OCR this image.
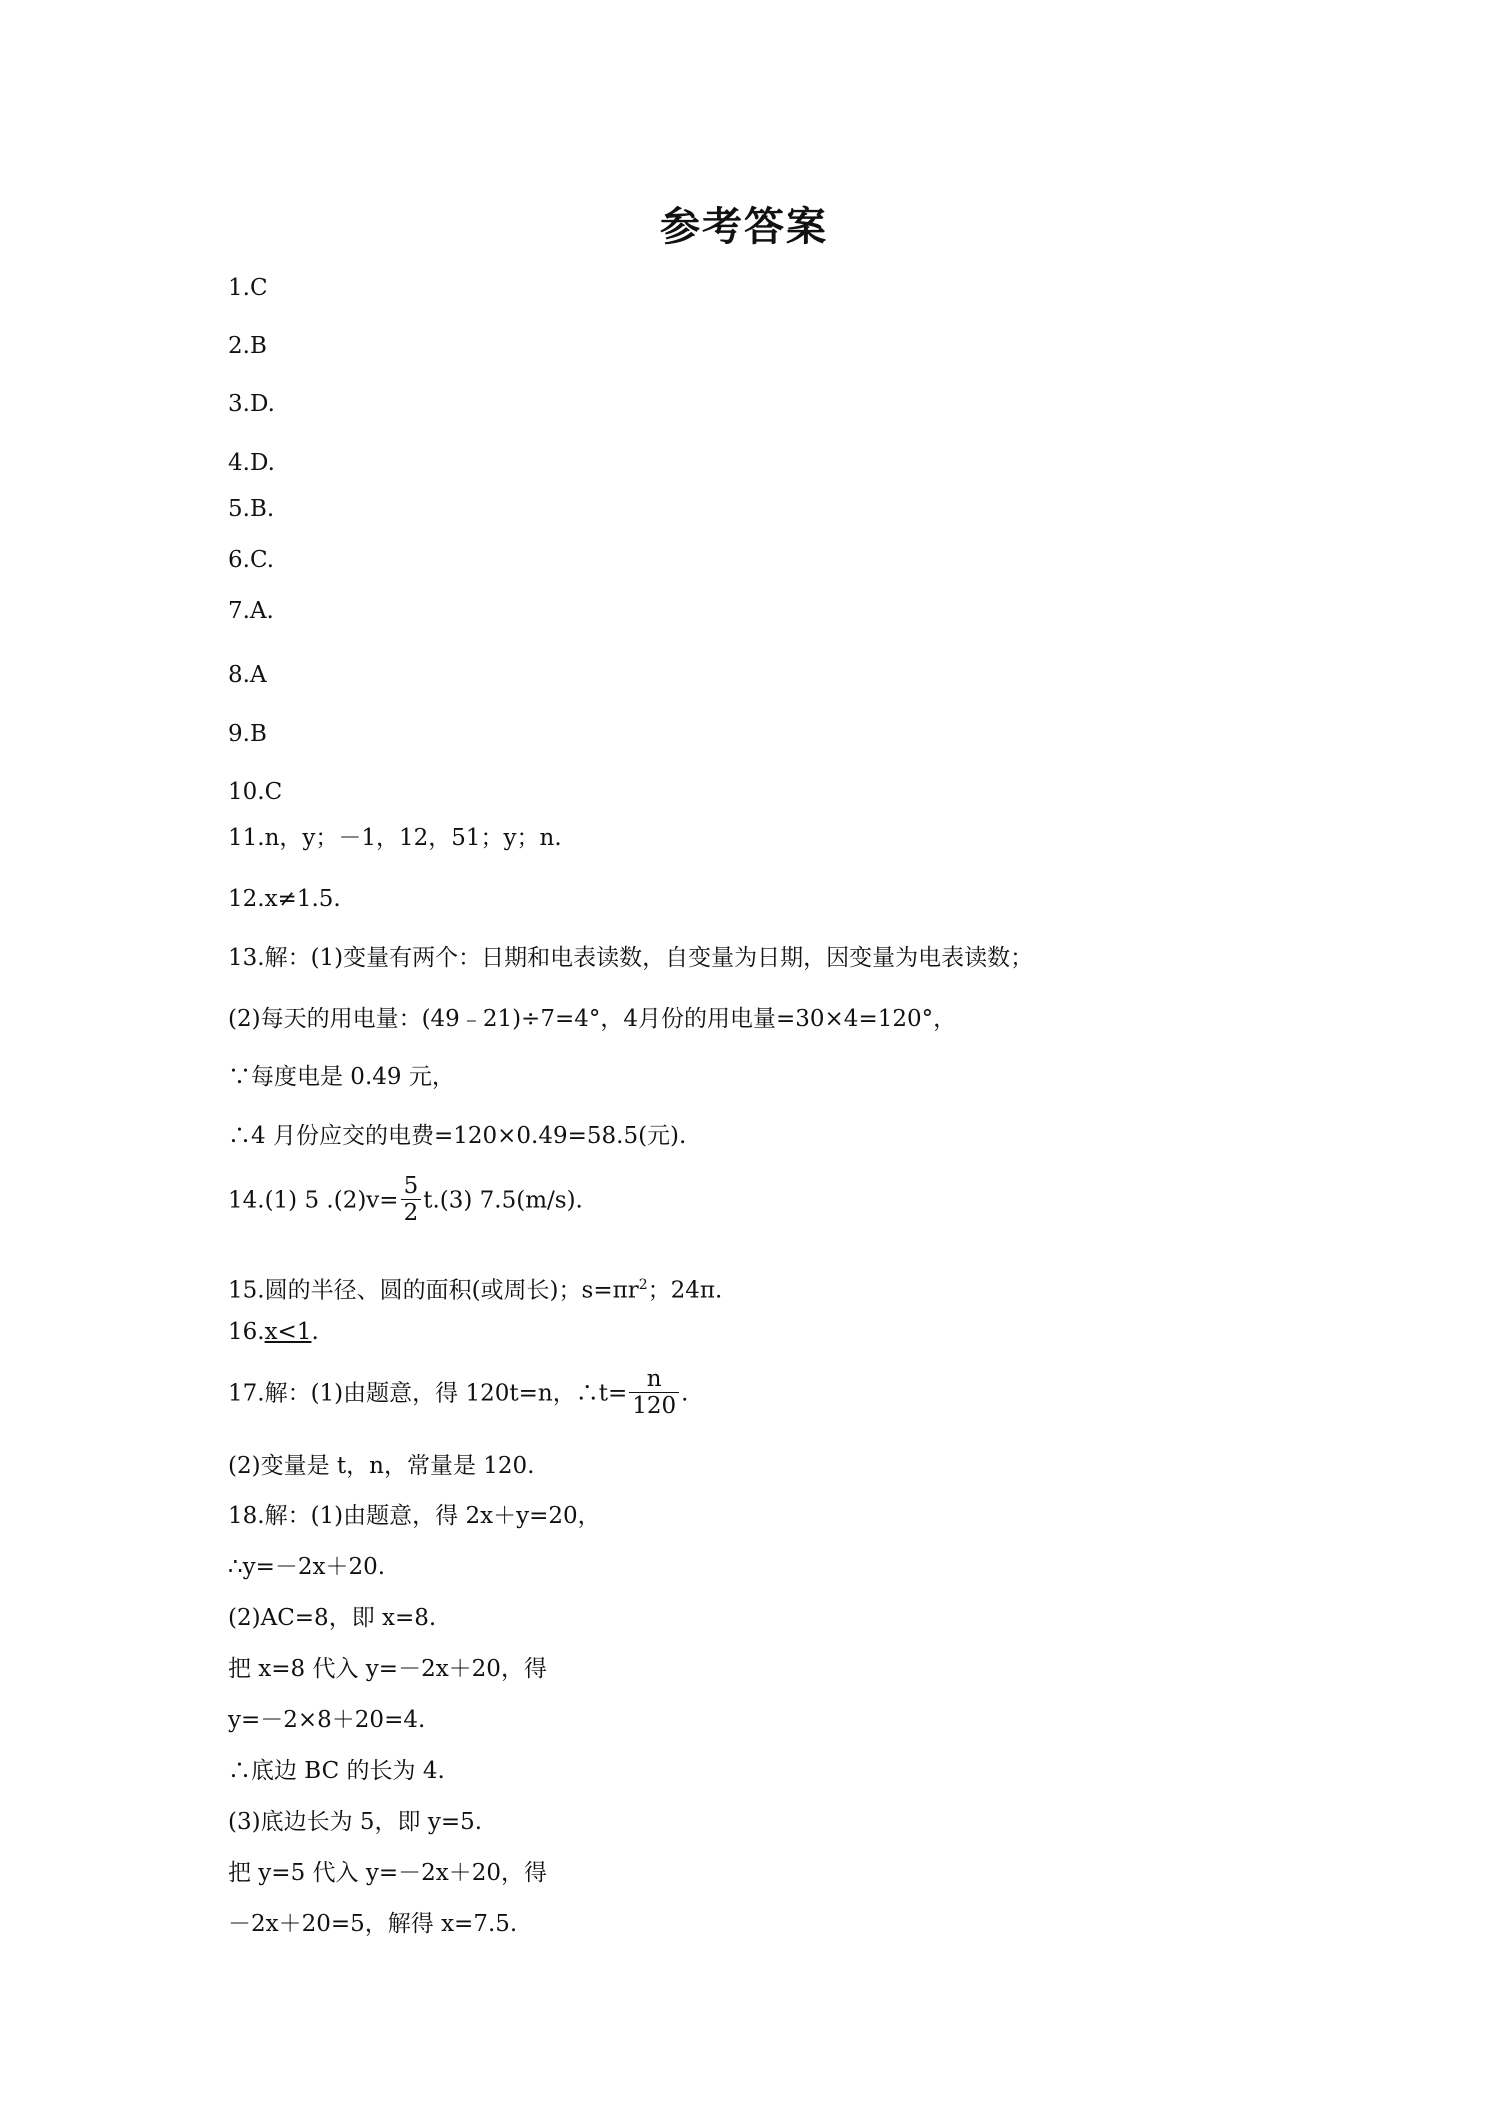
参考答案
1.C
2.B
3.D.
4.D.
5.B.
6.C.
7.A.
8.A
9.B
10.C
11.n，y；－1，12，51；y；n.
12.x≠1.5.
13.解：(1)变量有两个：日期和电表读数，自变量为日期，因变量为电表读数；
(2)每天的用电量：(49﹣21)÷7=4°，4月份的用电量=30×4=120°，
∵每度电是 0.49 元，
∴4 月份应交的电费=120×0.49=58.5(元).
14.(1) 5 $.(2)v= \frac{5}{2} t.(3)$ 7.5(m/s).
15.圆的半径、圆的面积(或周长)；$s=\pi r^2$；24π.
16.x<1.
17.解：(1)由题意，得 120t=n，∴t= $\frac{n}{120}$ .
(2)变量是 t，n，常量是 120.
18.解：(1)由题意，得 2x＋y=20，
∴y=－2x＋20.
(2)AC=8，即 x=8.
把 x=8 代入 y=－2x＋20，得
y=－2×8＋20=4.
∴底边 BC 的长为 4.
(3)底边长为 5，即 y=5.
把 y=5 代入 y=－2x＋20，得
－2x＋20=5，解得 x=7.5.
